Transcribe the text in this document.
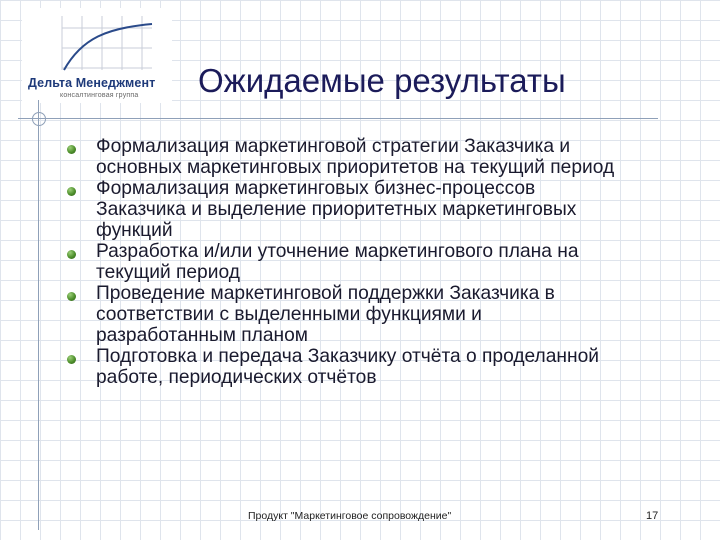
Дельта Менеджмент
консалтинговая группа Ожидаемые результаты
Формализация маркетинговой стратегии Заказчика и основных маркетинговых приоритетов на текущий период
Формализация маркетинговых бизнес-процессов Заказчика и выделение приоритетных маркетинговых функций
Разработка и/или уточнение маркетингового плана на текущий период
Проведение маркетинговой поддержки Заказчика в соответствии с выделенными функциями и разработанным планом
Подготовка и передача Заказчику отчёта о проделанной работе, периодических отчётов
Продукт "Маркетинговое сопровождение"	17
